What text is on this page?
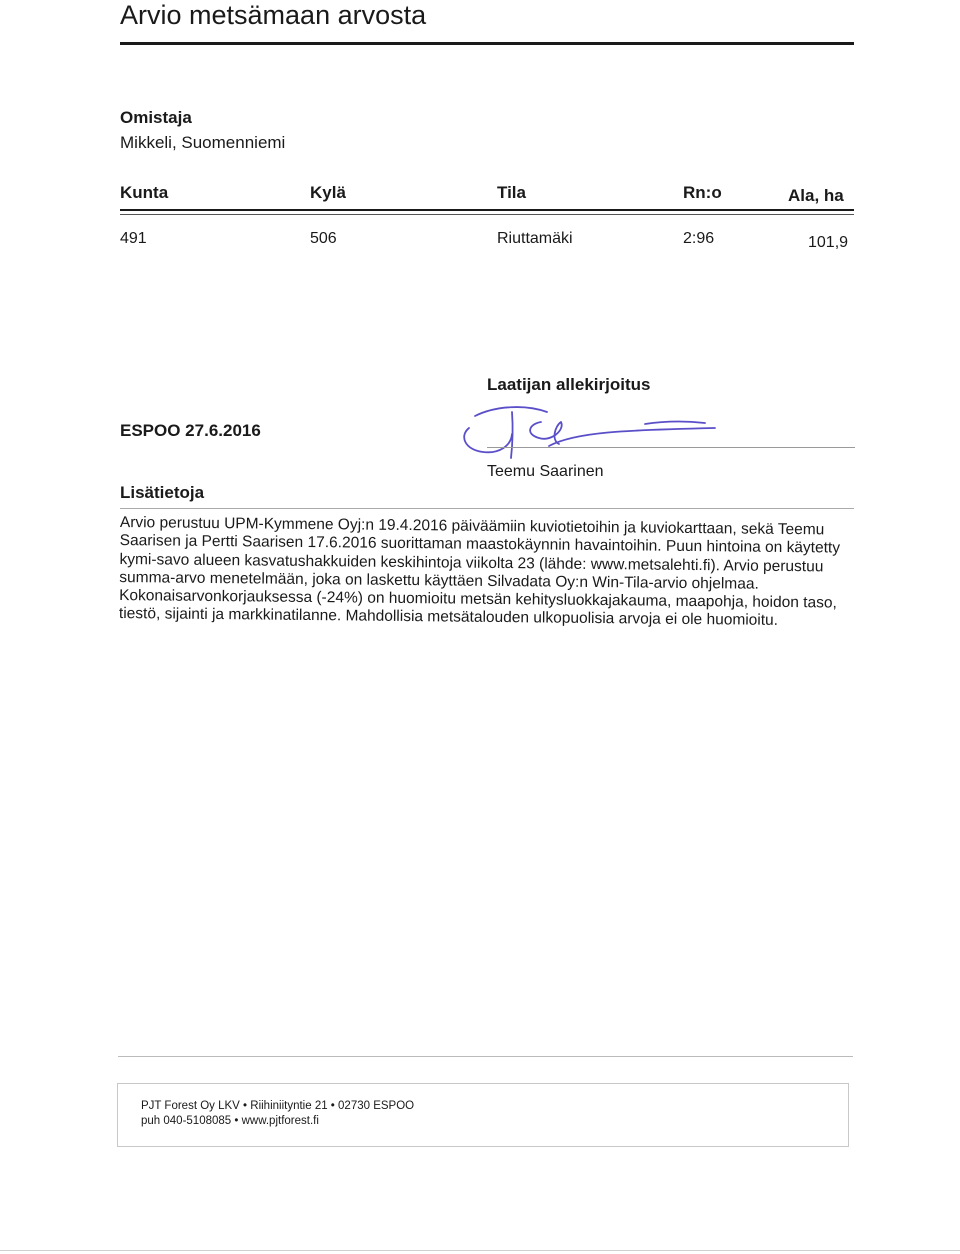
Arvio metsämaan arvosta
Omistaja
Mikkeli, Suomenniemi
Kunta	Kylä	Tila	Rn:o	Ala, ha
491	506	Riuttamäki	2:96	101,9
Laatijan allekirjoitus
ESPOO 27.6.2016
Teemu Saarinen
Lisätietoja
Arvio perustuu UPM-Kymmene Oyj:n 19.4.2016 päiväämiin kuviotietoihin ja kuviokarttaan, sekä Teemu Saarisen ja Pertti Saarisen 17.6.2016 suorittaman maastokäynnin havaintoihin. Puun hintoina on käytetty kymi-savo alueen kasvatushakkuiden keskihintoja viikolta 23 (lähde: www.metsalehti.fi). Arvio perustuu summa-arvo menetelmään, joka on laskettu käyttäen Silvadata Oy:n Win-Tila-arvio ohjelmaa. Kokonaisarvonkorjauksessa (-24%) on huomioitu metsän kehitysluokkajakauma, maapohja, hoidon taso, tiestö, sijainti ja markkinatilanne. Mahdollisia metsätalouden ulkopuolisia arvoja ei ole huomioitu.
PJT Forest Oy LKV • Riihiniityntie 21 • 02730 ESPOO
puh 040-5108085 • www.pjtforest.fi
